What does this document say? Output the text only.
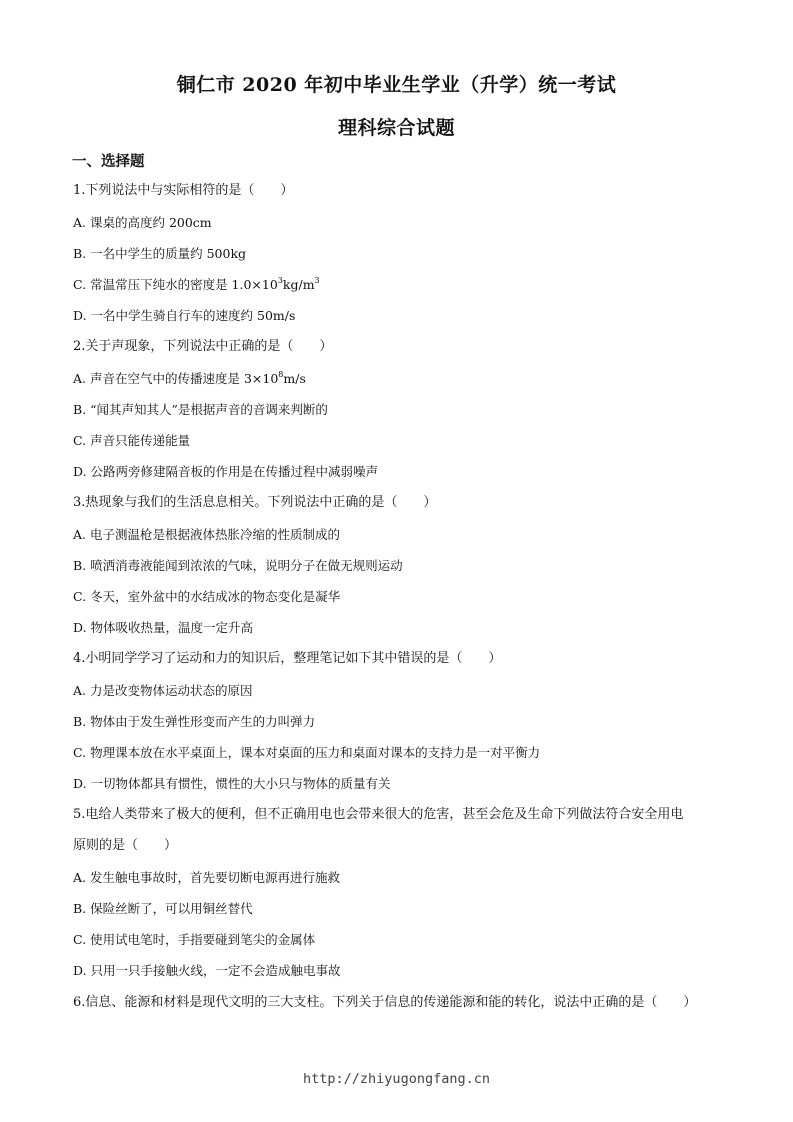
铜仁市 2020 年初中毕业生学业（升学）统一考试
理科综合试题
一、选择题
1.下列说法中与实际相符的是（　　）
A. 课桌的高度约 200cm
B. 一名中学生的质量约 500kg
C. 常温常压下纯水的密度是 $1.0\times 10^3kg/m^3$
D. 一名中学生骑自行车的速度约 50m/s
2.关于声现象，下列说法中正确的是（　　）
A. 声音在空气中的传播速度是 $3\times 10^8m/s$
B. “闻其声知其人”是根据声音的音调来判断的
C. 声音只能传递能量
D. 公路两旁修建隔音板的作用是在传播过程中减弱噪声
3.热现象与我们的生活息息相关。下列说法中正确的是（　　）
A. 电子测温枪是根据液体热胀冷缩的性质制成的
B. 喷洒消毒液能闻到浓浓的气味，说明分子在做无规则运动
C. 冬天，室外盆中的水结成冰的物态变化是凝华
D. 物体吸收热量，温度一定升高
4.小明同学学习了运动和力的知识后，整理笔记如下其中错误的是（　　）
A. 力是改变物体运动状态的原因
B. 物体由于发生弹性形变而产生的力叫弹力
C. 物理课本放在水平桌面上，课本对桌面的压力和桌面对课本的支持力是一对平衡力
D. 一切物体都具有惯性，惯性的大小只与物体的质量有关
5.电给人类带来了极大的便利，但不正确用电也会带来很大的危害，甚至会危及生命下列做法符合安全用电
原则的是（　　）
A. 发生触电事故时，首先要切断电源再进行施救
B. 保险丝断了，可以用铜丝替代
C. 使用试电笔时，手指要碰到笔尖的金属体
D. 只用一只手接触火线，一定不会造成触电事故
6.信息、能源和材料是现代文明的三大支柱。下列关于信息的传递能源和能的转化，说法中正确的是（　　）
http://zhiyugongfang.cn
